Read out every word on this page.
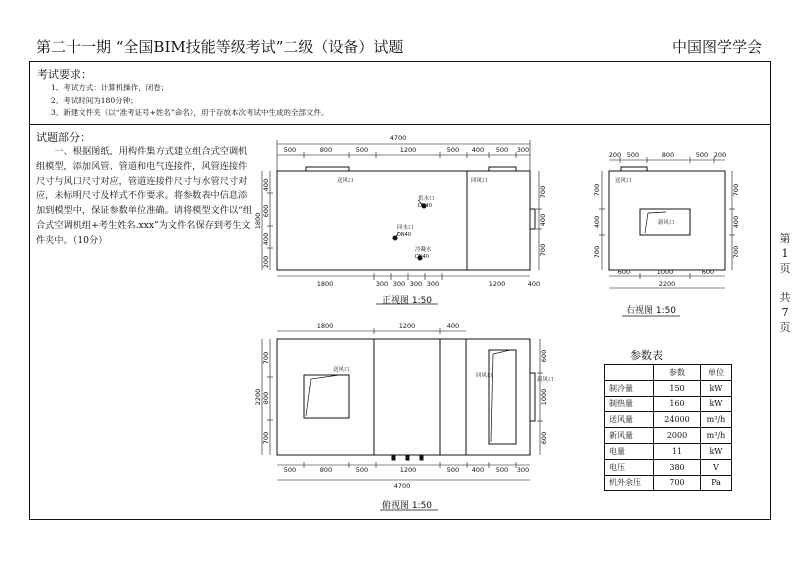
第二十一期 “全国BIM技能等级考试”二级（设备）试题	中国图学学会
考试要求：
1、考试方式：计算机操作，闭卷；
2、考试时间为180分钟；
3、新建文件夹（以“准考证号+姓名”命名），用于存放本次考试中生成的全部文件。
试题部分：
一、根据图纸，用构件集方式建立组合式空调机组模型，添加风管、管道和电气连接件，风管连接件尺寸与风口尺寸对应，管道连接件尺寸与水管尺寸对应，未标明尺寸及样式不作要求。将参数表中信息添加到模型中，保证参数单位准确。请将模型文件以“组合式空调机组+考生姓名.xxx”为文件名保存到考生文件夹中。（10分）	第
1
页
共
7
页
4700
500	800	500	1200	500 400 500 300
1800	300 300 300 300	1200	400
400
600
400
200
1800
700
400
700
送风口	回风口
供水口
DN40
回水口
DN40
冷凝水
DN40
正视图 1:50
200 500	800	500 200
600	1000	600
2200
700
400
700
700
400
700
送风口
新风口
右视图 1:50
1800	1200	400
500	800	500	1200	500 400 500 300
4700
700
800
700
2200
600
1000
600
送风口
回风口
新风口
俯视图 1:50
参数表
	参数	单位
制冷量	150	kW
制热量	160	kW
送风量	24000	m³/h
新风量	2000	m³/h
电量	11	kW
电压	380	V
机外余压	700	Pa
